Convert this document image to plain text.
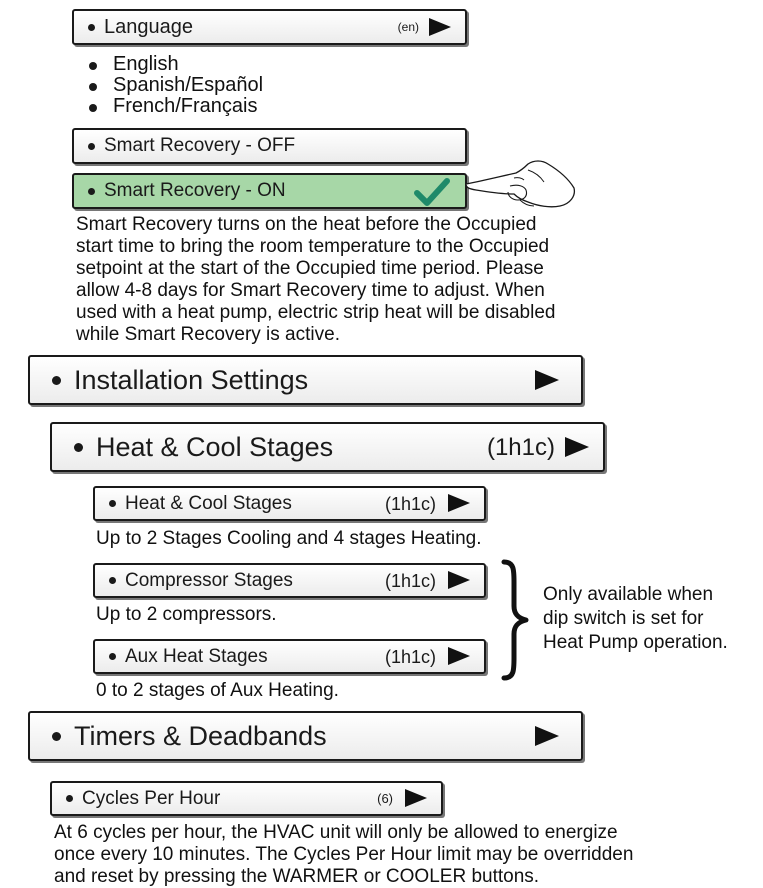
Language	(en)
English
Spanish/Español
French/Français
Smart Recovery - OFF
Smart Recovery - ON

Smart Recovery turns on the heat before the Occupied
start time to bring the room temperature to the Occupied
setpoint at the start of the Occupied time period. Please
allow 4-8 days for Smart Recovery time to adjust. When
used with a heat pump, electric strip heat will be disabled
while Smart Recovery is active.

Installation Settings
Heat & Cool Stages	(1h1c)
Heat & Cool Stages	(1h1c)

Up to 2 Stages Cooling and 4 stages Heating.

Compressor Stages	(1h1c)

Up to 2 compressors.

Aux Heat Stages	(1h1c)

0 to 2 stages of Aux Heating.

Only available when
dip switch is set for
Heat Pump operation.

Timers & Deadbands
Cycles Per Hour	(6)

At 6 cycles per hour, the HVAC unit will only be allowed to energize
once every 10 minutes. The Cycles Per Hour limit may be overridden
and reset by pressing the WARMER or COOLER buttons.
